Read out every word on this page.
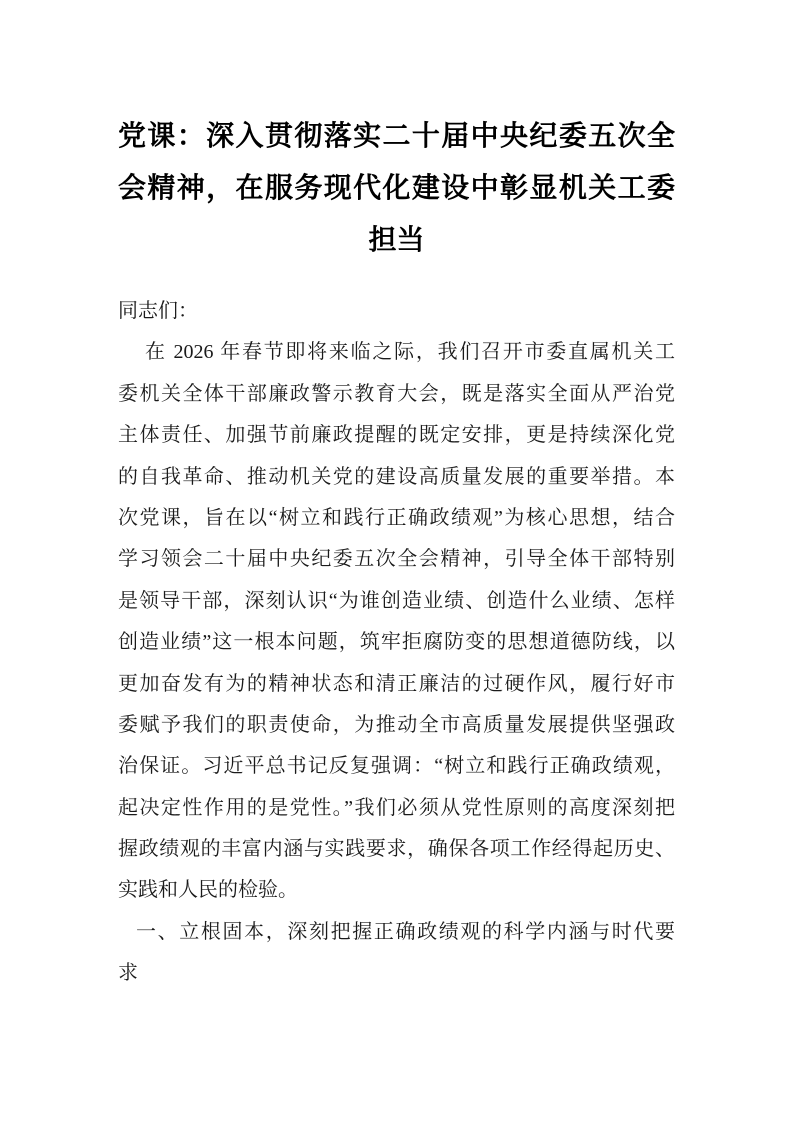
党课：深入贯彻落实二十届中央纪委五次全
会精神，在服务现代化建设中彰显机关工委
担当
同志们：
在 2026 年春节即将来临之际，我们召开市委直属机关工
委机关全体干部廉政警示教育大会，既是落实全面从严治党
主体责任、加强节前廉政提醒的既定安排，更是持续深化党
的自我革命、推动机关党的建设高质量发展的重要举措。本
次党课，旨在以“树立和践行正确政绩观”为核心思想，结合
学习领会二十届中央纪委五次全会精神，引导全体干部特别
是领导干部，深刻认识“为谁创造业绩、创造什么业绩、怎样
创造业绩”这一根本问题，筑牢拒腐防变的思想道德防线，以
更加奋发有为的精神状态和清正廉洁的过硬作风，履行好市
委赋予我们的职责使命，为推动全市高质量发展提供坚强政
治保证。习近平总书记反复强调：“树立和践行正确政绩观，
起决定性作用的是党性。”我们必须从党性原则的高度深刻把
握政绩观的丰富内涵与实践要求，确保各项工作经得起历史、
实践和人民的检验。
一、立根固本，深刻把握正确政绩观的科学内涵与时代要
求
